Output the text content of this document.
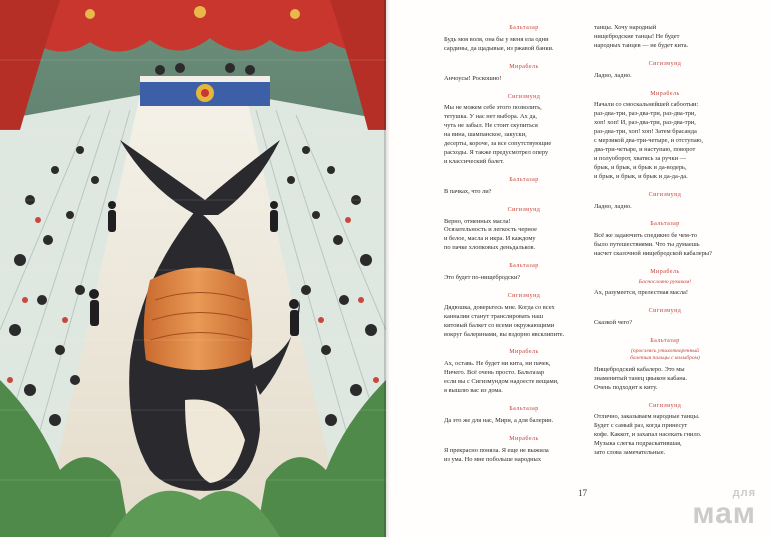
Бальтазар
Будь моя воля, она бы у меня ела одни
сардины, да щадывые, из ржавой банки.
Мирабель
Анчоусы! Роскошно!
Сигизмунд
Мы не можем себе этого позволить,
тетушка. У нас нет выбора. Ах да,
чуть не забыл. Не стоит скупиться
на вина, шампанское, закуски,
десерты, короче, за все сопутствующие
расходы. Я также предусмотрел оперу
и классический балет.
Бальтазар
В пачках, что ли?
Сигизмунд
Верно, отменных масла!
Осязательность и легкость черное
и белое, масла и икра. И каждому
по пачке хлопковых деньдальков.
Бальтазар
Это будет по-нищебродски?
Сигизмунд
Дядюшка, доверьтесь мне. Когда со всех
канналии станут транслировать наш
китовый балкет со всеми окружающими
вокруг балеринами, вы вздорно явсклипите.
Мирабель
Ах, оставь. Не будет ни кита, ни пачек,
Ничего. Всё очень просто. Бальтазар
если вы с Сигизмундом надоесте вещами,
я вышлю вас из дома.
Бальтазар
Да это же для нас, Мири, а для балерин.
Мирабель
Я прекрасно поняла. Я еще не выжила
из ума. Но мне побольше народных
танцы. Хочу народный
нищебродские танцы! Не будет
народных танцев — не будет кита.
Сигизмунд
Ладно, ладно.
Мирабель
Начали со смоскальнейшей сабоотыи:
раз-два-три, раз-два-три, раз-два-три,
хоп! хоп! И, раз-два-три, раз-два-три,
раз-два-три, хоп! хоп! Затем брасанда
с мерзикой два-три-четыре, и отступаю,
два-три-четыре, и наступаю, поворот
и полуоборот, хватясь за ручки —
брык, и брык, и брык и да-водерь,
и брык, и брык, и брык и да-да-да.
Сигизмунд
Ладно, ладно.
Бальтазар
Всё же задаючить спедикно бе чем-то
было путешествиями. Что ты думаешь
насчет сказочной нищебродской кабалеры?
Мирабель
Баснословно рукавам!
Ах, разумеется, прелестная масла!
Сигизмунд
Сказкой чего?
Бальтазар
(прослеясь утихотворенный
балетыя пальцы с колыбром)
Нищебродский кабалеро. Это мы
знаменитый танец цвыкон кабана.
Очень подходит к киту.
Сигизмунд
Отлично, заказываем народные танцы.
Будет с самый раз, когда принесут
кофе. Каккот, и захапал насекать гнило.
Музыка слегка подраскатившая,
зато слова замечательные.
17	для
мам
